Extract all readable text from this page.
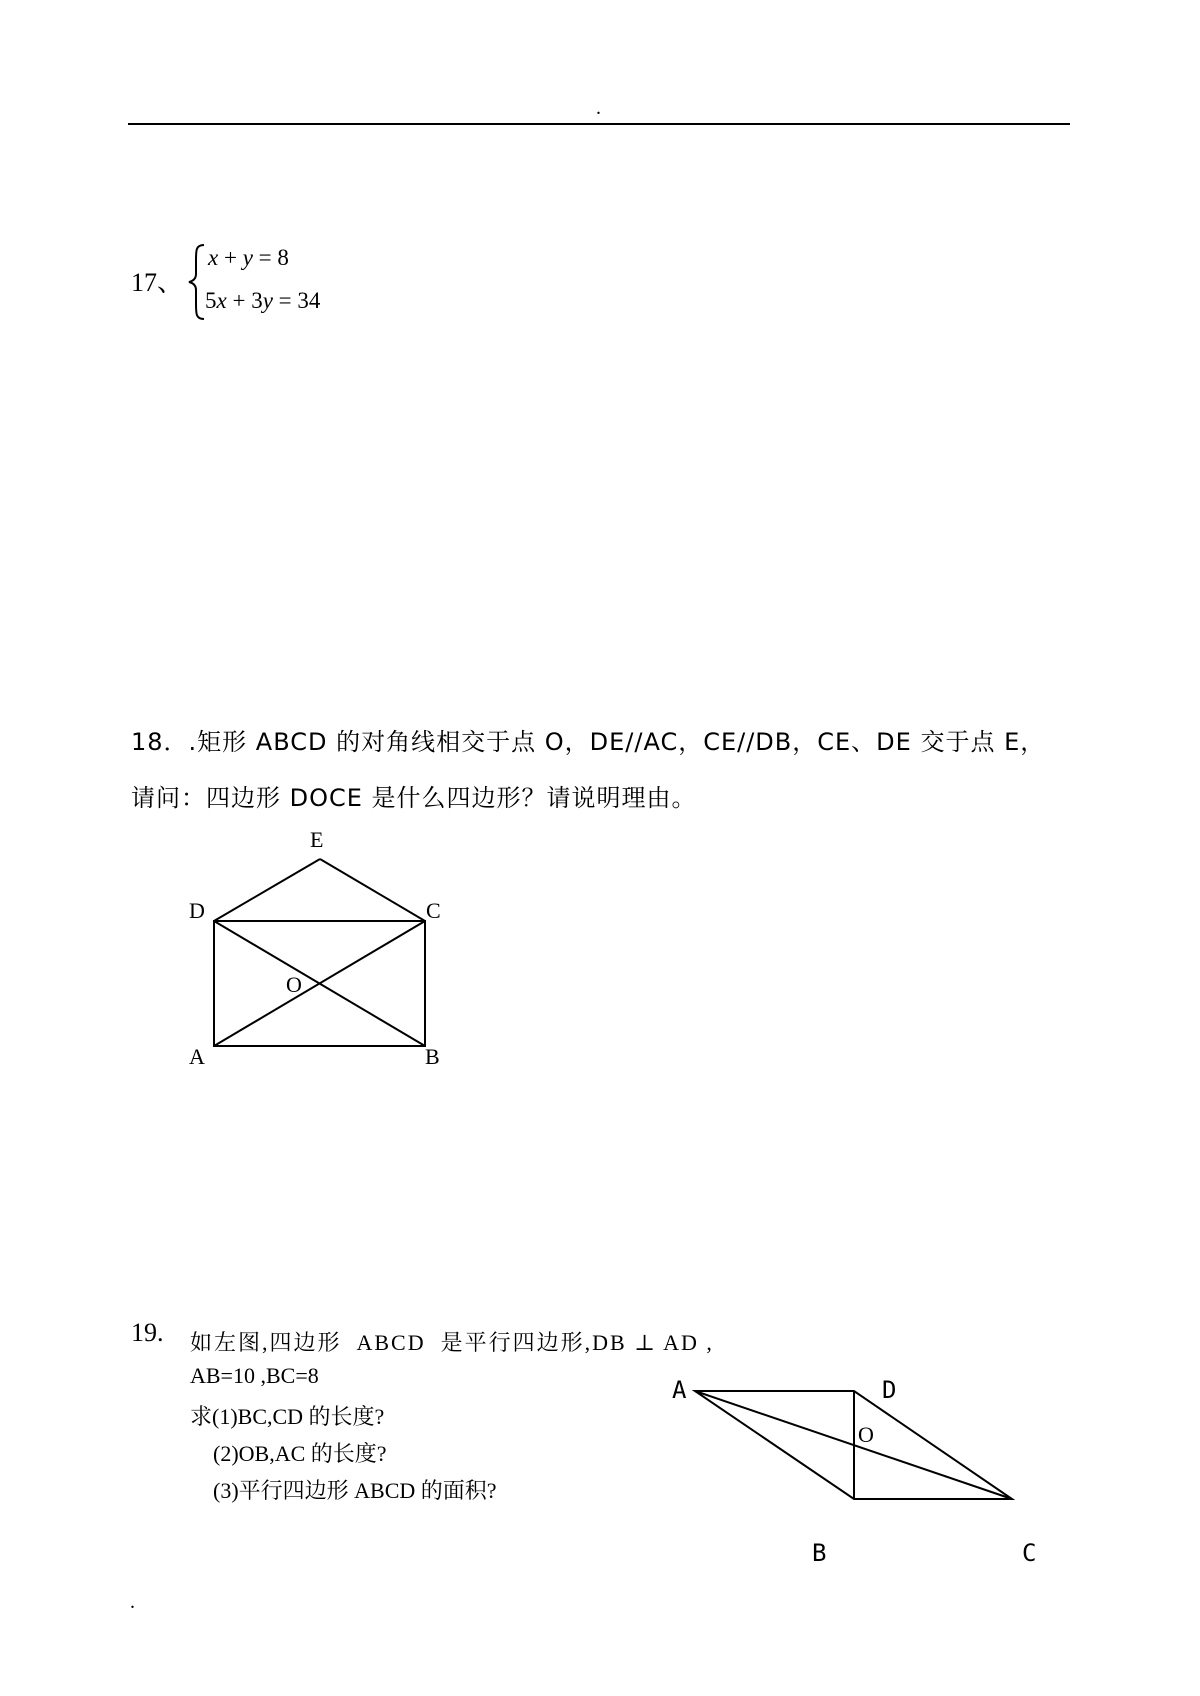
.
17、
x + y = 8
5x + 3y = 34
18．.矩形 ABCD 的对角线相交于点 O，DE//AC，CE//DB，CE、DE 交于点 E，
请问：四边形 DOCE 是什么四边形？请说明理由。
E
D	C
O
A	B
19. 如左图,四边形  ABCD  是平行四边形,DB ⊥ AD ,
AB=10 ,BC=8
求(1)BC,CD 的长度?
(2)OB,AC 的长度?
(3)平行四边形 ABCD 的面积?
A	D
O
B	C
.
